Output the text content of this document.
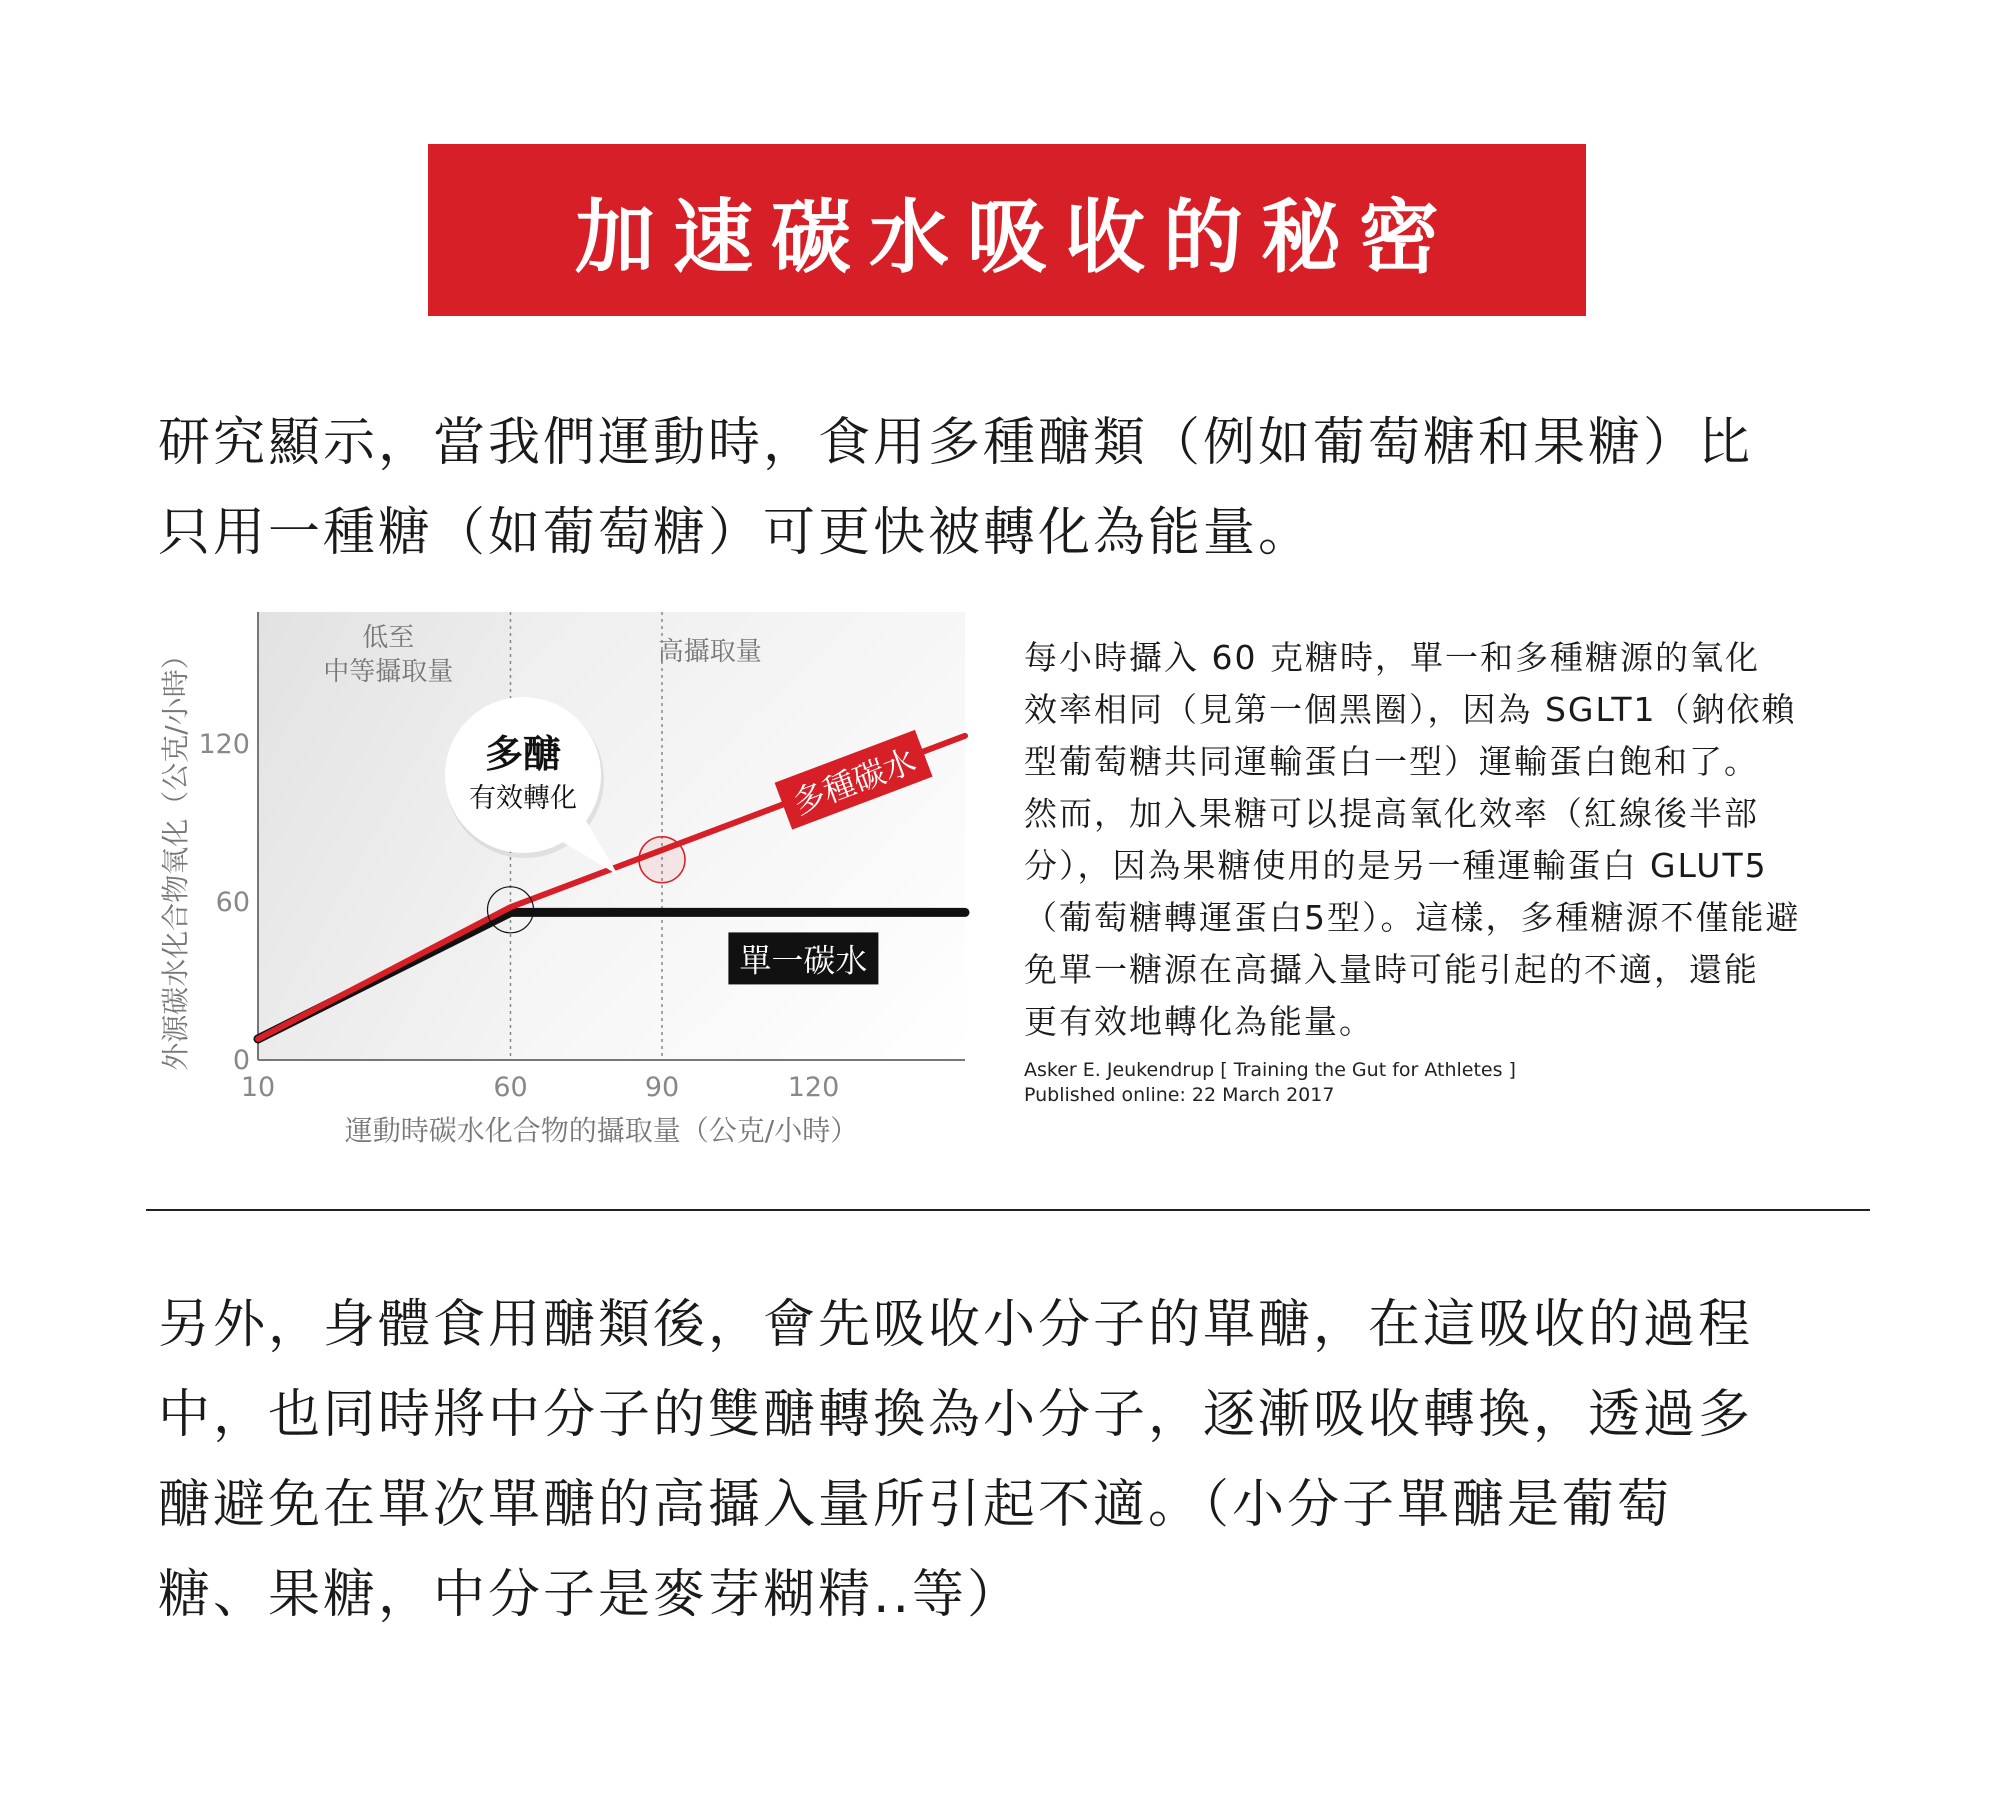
加速碳水吸收的秘密
研究顯示，當我們運動時，食用多種醣類（例如葡萄糖和果糖）比
只用一種糖（如葡萄糖）可更快被轉化為能量。
10	60	90	120
0
60
120
低至
中等攝取量
高攝取量
運動時碳水化合物的攝取量（公克/小時）
外源碳水化合物氧化（公克/小時）	多種碳水
單一碳水
多醣
有效轉化
每小時攝入 60 克糖時，單一和多種糖源的氧化
效率相同（見第一個黑圈），因為 SGLT1（鈉依賴
型葡萄糖共同運輸蛋白一型）運輸蛋白飽和了。
然而，加入果糖可以提高氧化效率（紅線後半部
分），因為果糖使用的是另一種運輸蛋白 GLUT5
（葡萄糖轉運蛋白5型）。這樣，多種糖源不僅能避
免單一糖源在高攝入量時可能引起的不適，還能
更有效地轉化為能量。
Asker E. Jeukendrup [ Training the Gut for Athletes ]
Published online: 22 March 2017
另外，身體食用醣類後，會先吸收小分子的單醣，在這吸收的過程
中，也同時將中分子的雙醣轉換為小分子，逐漸吸收轉換，透過多
醣避免在單次單醣的高攝入量所引起不適。（小分子單醣是葡萄
糖、果糖，中分子是麥芽糊精..等）
